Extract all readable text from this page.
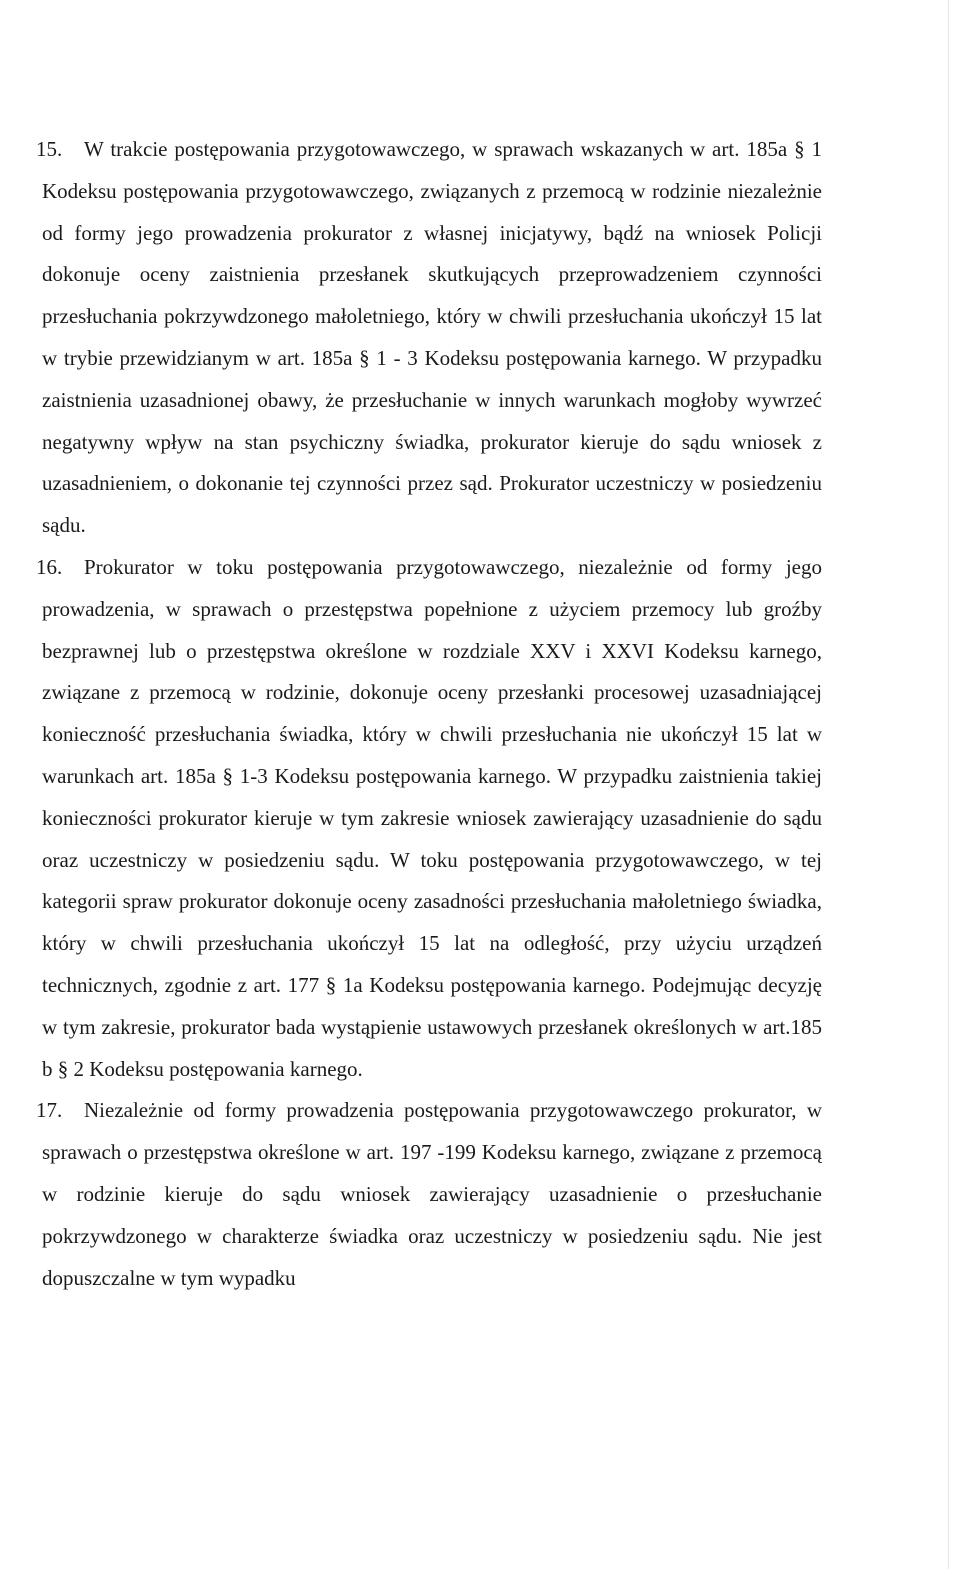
15.	W trakcie postępowania przygotowawczego, w sprawach wskazanych w art. 185a § 1 Kodeksu postępowania przygotowawczego, związanych z przemocą w rodzinie niezależnie od formy jego prowadzenia prokurator z własnej inicjatywy, bądź na wniosek Policji dokonuje oceny zaistnienia przesłanek skutkujących przeprowadzeniem czynności przesłuchania pokrzywdzonego małoletniego, który w chwili przesłuchania ukończył 15 lat w trybie przewidzianym w art. 185a § 1 - 3 Kodeksu postępowania karnego. W przypadku zaistnienia uzasadnionej obawy, że przesłuchanie w innych warunkach mogłoby wywrzeć negatywny wpływ na stan psychiczny świadka, prokurator kieruje do sądu wniosek z uzasadnieniem, o dokonanie tej czynności przez sąd. Prokurator uczestniczy w posiedzeniu sądu.

16.	Prokurator w toku postępowania przygotowawczego, niezależnie od formy jego prowadzenia, w sprawach o przestępstwa popełnione z użyciem przemocy lub groźby bezprawnej lub o przestępstwa określone w rozdziale XXV i XXVI Kodeksu karnego, związane z przemocą w rodzinie, dokonuje oceny przesłanki procesowej uzasadniającej konieczność przesłuchania świadka, który w chwili przesłuchania nie ukończył 15 lat w warunkach art. 185a § 1-3 Kodeksu postępowania karnego. W przypadku zaistnienia takiej konieczności prokurator kieruje w tym zakresie wniosek zawierający uzasadnienie do sądu oraz uczestniczy w posiedzeniu sądu. W toku postępowania przygotowawczego, w tej kategorii spraw prokurator dokonuje oceny zasadności przesłuchania małoletniego świadka, który w chwili przesłuchania ukończył 15 lat na odległość, przy użyciu urządzeń technicznych, zgodnie z art. 177 § 1a Kodeksu postępowania karnego. Podejmując decyzję w tym zakresie, prokurator bada wystąpienie ustawowych przesłanek określonych w art.185 b § 2 Kodeksu postępowania karnego.

17.	Niezależnie od formy prowadzenia postępowania przygotowawczego prokurator, w sprawach o przestępstwa określone w art. 197 -199 Kodeksu karnego, związane z przemocą w rodzinie kieruje do sądu wniosek zawierający uzasadnienie o przesłuchanie pokrzywdzonego w charakterze świadka oraz uczestniczy w posiedzeniu sądu. Nie jest dopuszczalne w tym wypadku
